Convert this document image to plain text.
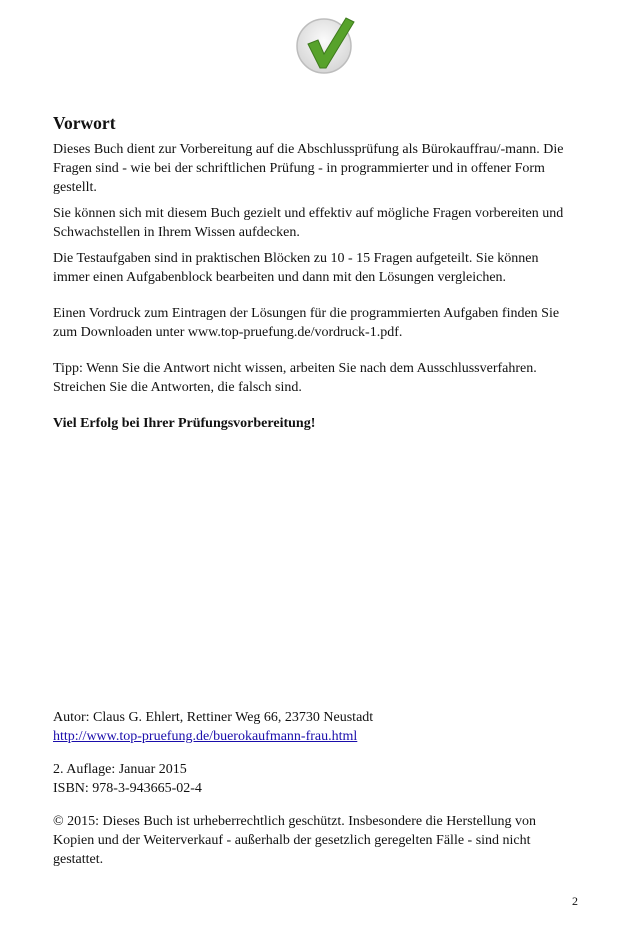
Vorwort

Dieses Buch dient zur Vorbereitung auf die Abschlussprüfung als Bürokauffrau/-mann. Die Fragen sind - wie bei der schriftlichen Prüfung - in programmierter und in offener Form gestellt.

Sie können sich mit diesem Buch gezielt und effektiv auf mögliche Fragen vorbereiten und Schwachstellen in Ihrem Wissen aufdecken.

Die Testaufgaben sind in praktischen Blöcken zu 10 - 15 Fragen aufgeteilt. Sie können immer einen Aufgabenblock bearbeiten und dann mit den Lösungen vergleichen.

Einen Vordruck zum Eintragen der Lösungen für die programmierten Aufgaben finden Sie zum Downloaden unter www.top-pruefung.de/vordruck-1.pdf.

Tipp: Wenn Sie die Antwort nicht wissen, arbeiten Sie nach dem Ausschlussverfahren. Streichen Sie die Antworten, die falsch sind.

Viel Erfolg bei Ihrer Prüfungsvorbereitung!

Autor: Claus G. Ehlert, Rettiner Weg 66, 23730 Neustadt

http://www.top-pruefung.de/buerokaufmann-frau.html

2. Auflage: Januar 2015

ISBN: 978-3-943665-02-4

© 2015: Dieses Buch ist urheberrechtlich geschützt. Insbesondere die Herstellung von Kopien und der Weiterverkauf - außerhalb der gesetzlich geregelten Fälle - sind nicht gestattet.

2
